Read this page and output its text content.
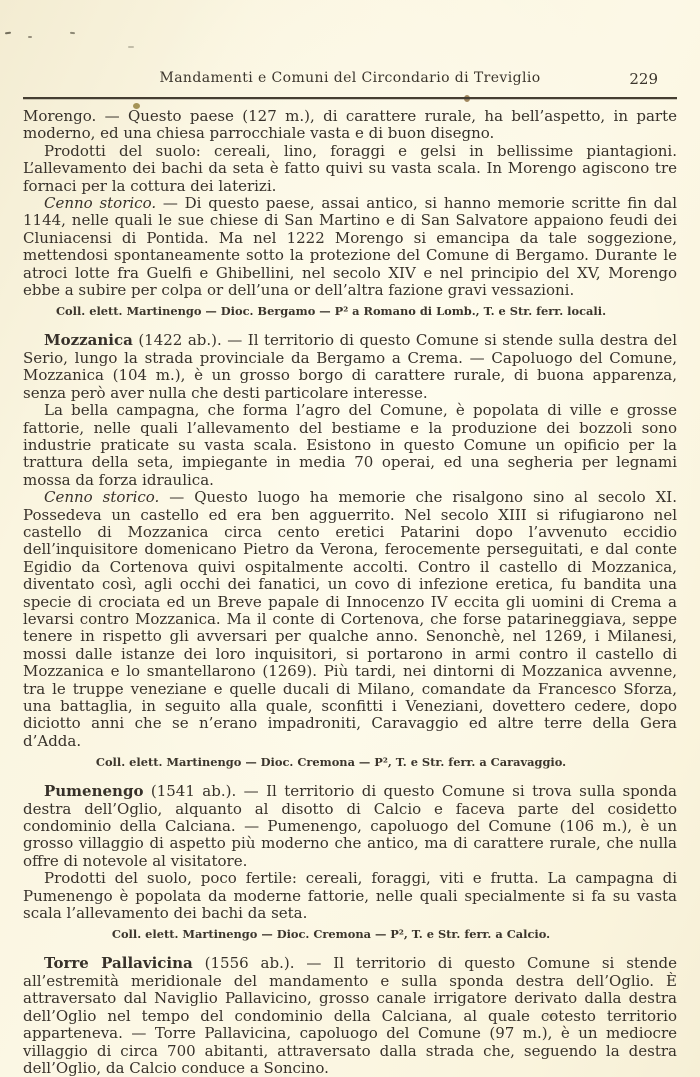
Mandamenti e Comuni del Circondario di Treviglio	229

Morengo. — Questo paese (127 m.), di carattere rurale, ha bell’aspetto, in parte moderno, ed una chiesa parrocchiale vasta e di buon disegno.

Prodotti del suolo: cereali, lino, foraggi e gelsi in bellissime piantagioni. L’allevamento dei bachi da seta è fatto quivi su vasta scala. In Morengo agiscono tre fornaci per la cottura dei laterizi.

Cenno storico. — Di questo paese, assai antico, si hanno memorie scritte fin dal 1144, nelle quali le sue chiese di San Martino e di San Salvatore appaiono feudi dei Cluniacensi di Pontida. Ma nel 1222 Morengo si emancipa da tale soggezione, mettendosi spontaneamente sotto la protezione del Comune di Bergamo. Durante le atroci lotte fra Guelfi e Ghibellini, nel secolo XIV e nel principio del XV, Morengo ebbe a subire per colpa or dell’una or dell’altra fazione gravi vessazioni.

Coll. elett. Martinengo — Dioc. Bergamo — P² a Romano di Lomb., T. e Str. ferr. locali.

Mozzanica (1422 ab.). — Il territorio di questo Comune si stende sulla destra del Serio, lungo la strada provinciale da Bergamo a Crema. — Capoluogo del Comune, Mozzanica (104 m.), è un grosso borgo di carattere rurale, di buona apparenza, senza però aver nulla che desti particolare interesse.

La bella campagna, che forma l’agro del Comune, è popolata di ville e grosse fattorie, nelle quali l’allevamento del bestiame e la produzione dei bozzoli sono industrie praticate su vasta scala. Esistono in questo Comune un opificio per la trattura della seta, impiegante in media 70 operai, ed una segheria per legnami mossa da forza idraulica.

Cenno storico. — Questo luogo ha memorie che risalgono sino al secolo XI. Possedeva un castello ed era ben agguerrito. Nel secolo XIII si rifugiarono nel castello di Mozzanica circa cento eretici Patarini dopo l’avvenuto eccidio dell’inquisitore domenicano Pietro da Verona, ferocemente perseguitati, e dal conte Egidio da Cortenova quivi ospitalmente accolti. Contro il castello di Mozzanica, diventato così, agli occhi dei fanatici, un covo di infezione eretica, fu bandita una specie di crociata ed un Breve papale di Innocenzo IV eccita gli uomini di Crema a levarsi contro Mozzanica. Ma il conte di Cortenova, che forse patarineggiava, seppe tenere in rispetto gli avversari per qualche anno. Senonchè, nel 1269, i Milanesi, mossi dalle istanze dei loro inquisitori, si portarono in armi contro il castello di Mozzanica e lo smantellarono (1269). Più tardi, nei dintorni di Mozzanica avvenne, tra le truppe veneziane e quelle ducali di Milano, comandate da Francesco Sforza, una battaglia, in seguito alla quale, sconfitti i Veneziani, dovettero cedere, dopo diciotto anni che se n’erano impadroniti, Caravaggio ed altre terre della Gera d’Adda.

Coll. elett. Martinengo — Dioc. Cremona — P², T. e Str. ferr. a Caravaggio.

Pumenengo (1541 ab.). — Il territorio di questo Comune si trova sulla sponda destra dell’Oglio, alquanto al disotto di Calcio e faceva parte del cosidetto condominio della Calciana. — Pumenengo, capoluogo del Comune (106 m.), è un grosso villaggio di aspetto più moderno che antico, ma di carattere rurale, che nulla offre di notevole al visitatore.

Prodotti del suolo, poco fertile: cereali, foraggi, viti e frutta. La campagna di Pumenengo è popolata da moderne fattorie, nelle quali specialmente si fa su vasta scala l’allevamento dei bachi da seta.

Coll. elett. Martinengo — Dioc. Cremona — P², T. e Str. ferr. a Calcio.

Torre Pallavicina (1556 ab.). — Il territorio di questo Comune si stende all’estremità meridionale del mandamento e sulla sponda destra dell’Oglio. È attraversato dal Naviglio Pallavicino, grosso canale irrigatore derivato dalla destra dell’Oglio nel tempo del condominio della Calciana, al quale cotesto territorio apparteneva. — Torre Pallavicina, capoluogo del Comune (97 m.), è un mediocre villaggio di circa 700 abitanti, attraversato dalla strada che, seguendo la destra dell’Oglio, da Calcio conduce a Soncino.
